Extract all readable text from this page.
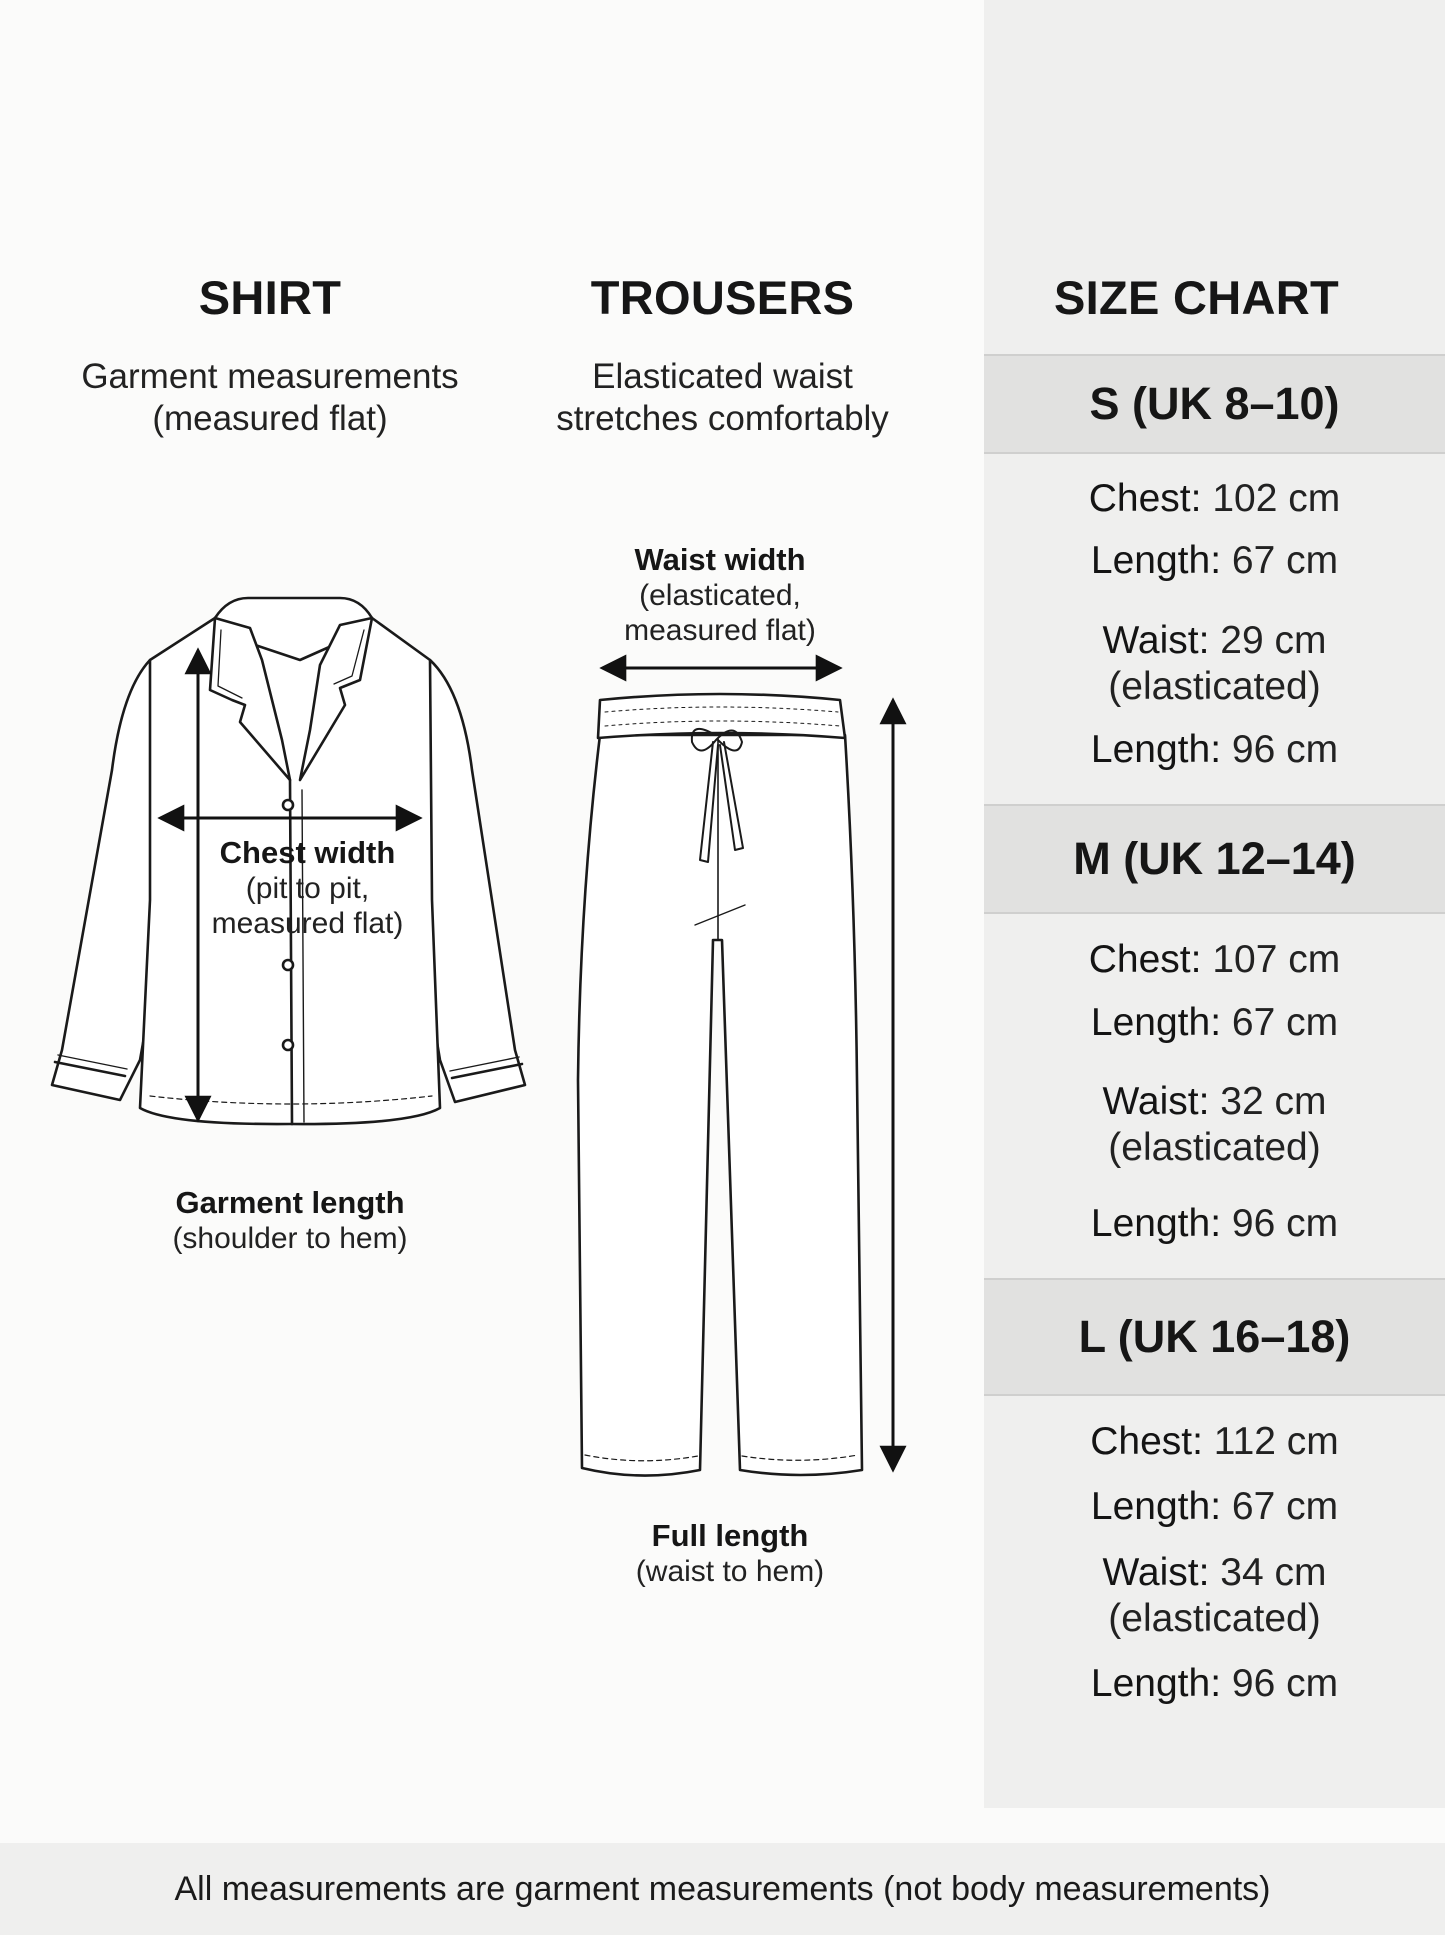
SHIRT
Garment measurements
(measured flat)
Chest width
(pit to pit,
measured flat)
Garment length
(shoulder to hem)
TROUSERS
Elasticated waist
stretches comfortably
Waist width
(elasticated,
measured flat)
Full length
(waist to hem)
SIZE CHART
S (UK 8–10)
Chest: 102 cm
Length: 67 cm
Waist: 29 cm
(elasticated)
Length: 96 cm
M (UK 12–14)
Chest: 107 cm
Length: 67 cm
Waist: 32 cm
(elasticated)
Length: 96 cm
L (UK 16–18)
Chest: 112 cm
Length: 67 cm
Waist: 34 cm
(elasticated)
Length: 96 cm
All measurements are garment measurements (not body measurements)
